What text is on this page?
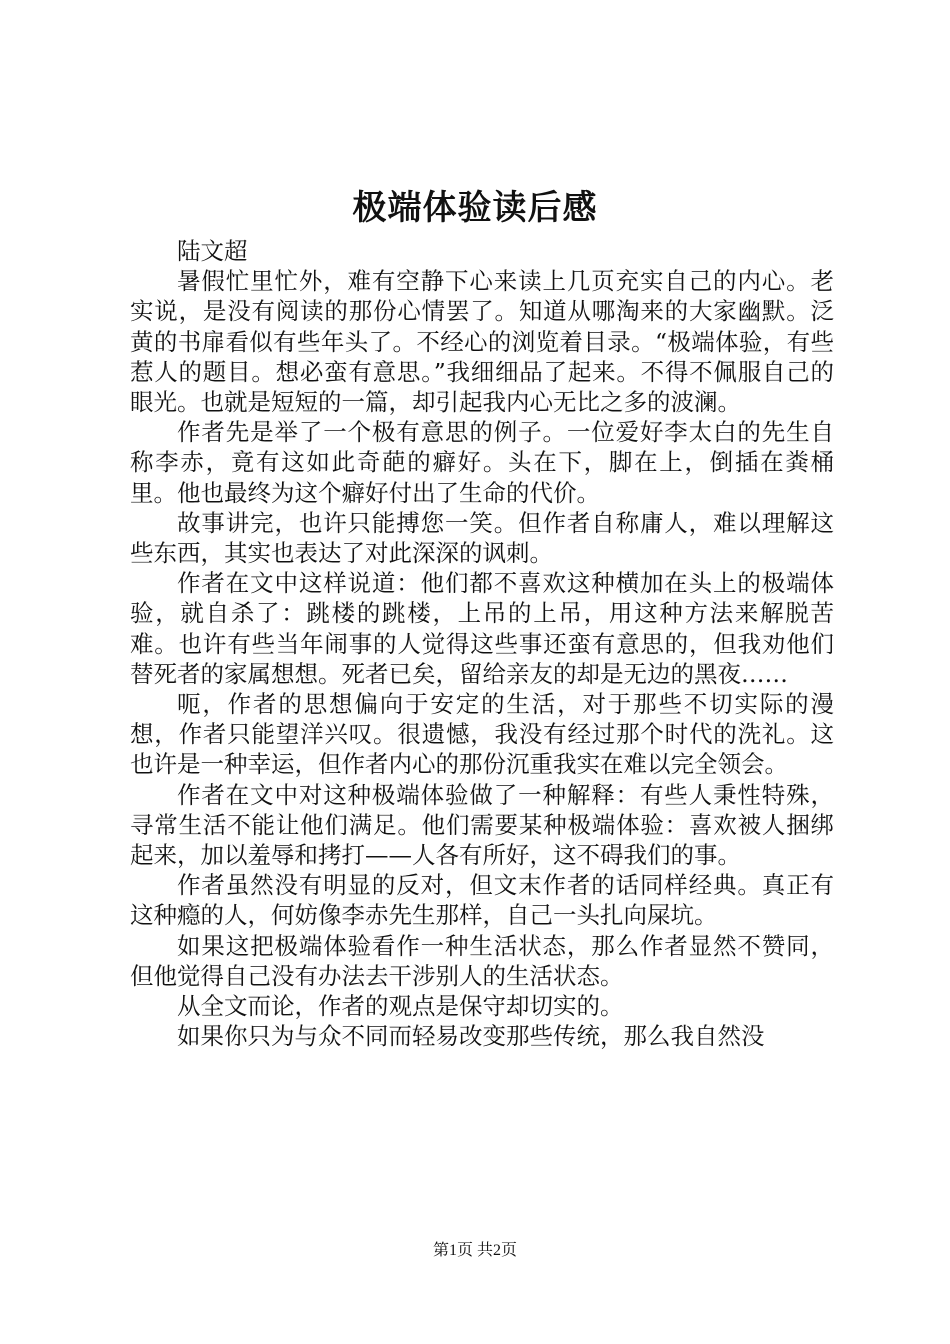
极端体验读后感
陆文超

暑假忙里忙外，难有空静下心来读上几页充实自己的内心。老实说，是没有阅读的那份心情罢了。知道从哪淘来的大家幽默。泛黄的书扉看似有些年头了。不经心的浏览着目录。“极端体验，有些惹人的题目。想必蛮有意思。”我细细品了起来。不得不佩服自己的眼光。也就是短短的一篇，却引起我内心无比之多的波澜。

作者先是举了一个极有意思的例子。一位爱好李太白的先生自称李赤，竟有这如此奇葩的癖好。头在下，脚在上，倒插在粪桶里。他也最终为这个癖好付出了生命的代价。

故事讲完，也许只能搏您一笑。但作者自称庸人，难以理解这些东西，其实也表达了对此深深的讽刺。

作者在文中这样说道：他们都不喜欢这种横加在头上的极端体验，就自杀了：跳楼的跳楼，上吊的上吊，用这种方法来解脱苦难。也许有些当年闹事的人觉得这些事还蛮有意思的，但我劝他们替死者的家属想想。死者已矣，留给亲友的却是无边的黑夜……

呃，作者的思想偏向于安定的生活，对于那些不切实际的漫想，作者只能望洋兴叹。很遗憾，我没有经过那个时代的洗礼。这也许是一种幸运，但作者内心的那份沉重我实在难以完全领会。

作者在文中对这种极端体验做了一种解释：有些人秉性特殊，寻常生活不能让他们满足。他们需要某种极端体验：喜欢被人捆绑起来，加以羞辱和拷打——人各有所好，这不碍我们的事。

作者虽然没有明显的反对，但文末作者的话同样经典。真正有这种瘾的人，何妨像李赤先生那样，自己一头扎向屎坑。

如果这把极端体验看作一种生活状态，那么作者显然不赞同，但他觉得自己没有办法去干涉别人的生活状态。

从全文而论，作者的观点是保守却切实的。

如果你只为与众不同而轻易改变那些传统，那么我自然没

第1页 共2页
